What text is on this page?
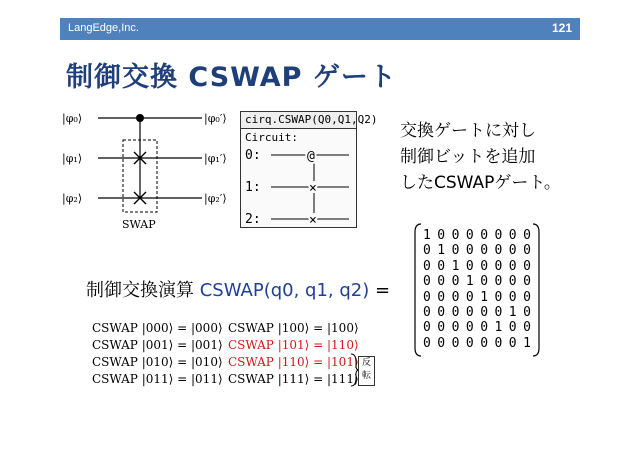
LangEdge,Inc.	121
制御交換 CSWAP ゲート
|φ₀⟩
|φ₁⟩
|φ₂⟩
|φ₀′⟩
|φ₁′⟩
|φ₂′⟩
SWAP
cirq.CSWAP(Q0,Q1,Q2)
Circuit:
0:
1:
2:
@
×
×
交換ゲートに対し
制御ビットを追加
したCSWAPゲート。
制御交換演算 CSWAP(q0, q1, q2) =
1 0 0 0 0 0 0 0
0 1 0 0 0 0 0 0
0 0 1 0 0 0 0 0
0 0 0 1 0 0 0 0
0 0 0 0 1 0 0 0
0 0 0 0 0 0 1 0
0 0 0 0 0 1 0 0
0 0 0 0 0 0 0 1
CSWAP |000⟩ = |000⟩
CSWAP |001⟩ = |001⟩
CSWAP |010⟩ = |010⟩
CSWAP |011⟩ = |011⟩
CSWAP |100⟩ = |100⟩
CSWAP |101⟩ = |110⟩
CSWAP |110⟩ = |101⟩
CSWAP |111⟩ = |111⟩
反
転
